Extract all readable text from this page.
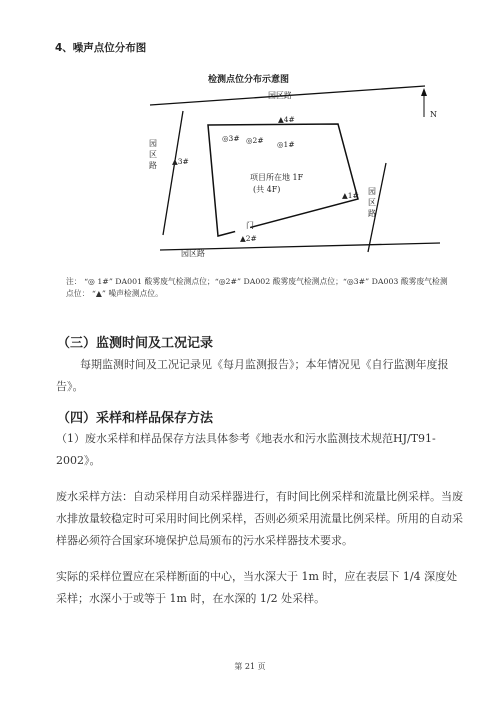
4、噪声点位分布图
检测点位分布示意图
园区路
园区路
园区路
园区路
N
项目所在地 1F
(共 4F)
门
◎3# ◎2# ◎1#
▲4#
▲3#
▲1#
▲2#
注： “◎ 1#” DA001 酸雾废气检测点位；“◎2#” DA002 酸雾废气检测点位；“◎3#” DA003 酸雾废气检测
点位： “▲” 噪声检测点位。
（三）监测时间及工况记录
每期监测时间及工况记录见《每月监测报告》；本年情况见《自行监测年度报告》。
（四）采样和样品保存方法
（1）废水采样和样品保存方法具体参考《地表水和污水监测技术规范HJ/T91-2002》。
废水采样方法：自动采样用自动采样器进行，有时间比例采样和流量比例采样。当废水排放量较稳定时可采用时间比例采样，否则必须采用流量比例采样。所用的自动采样器必须符合国家环境保护总局颁布的污水采样器技术要求。
实际的采样位置应在采样断面的中心，当水深大于 1m 时，应在表层下 1/4 深度处采样；水深小于或等于 1m 时，在水深的 1/2 处采样。
第 21 页
